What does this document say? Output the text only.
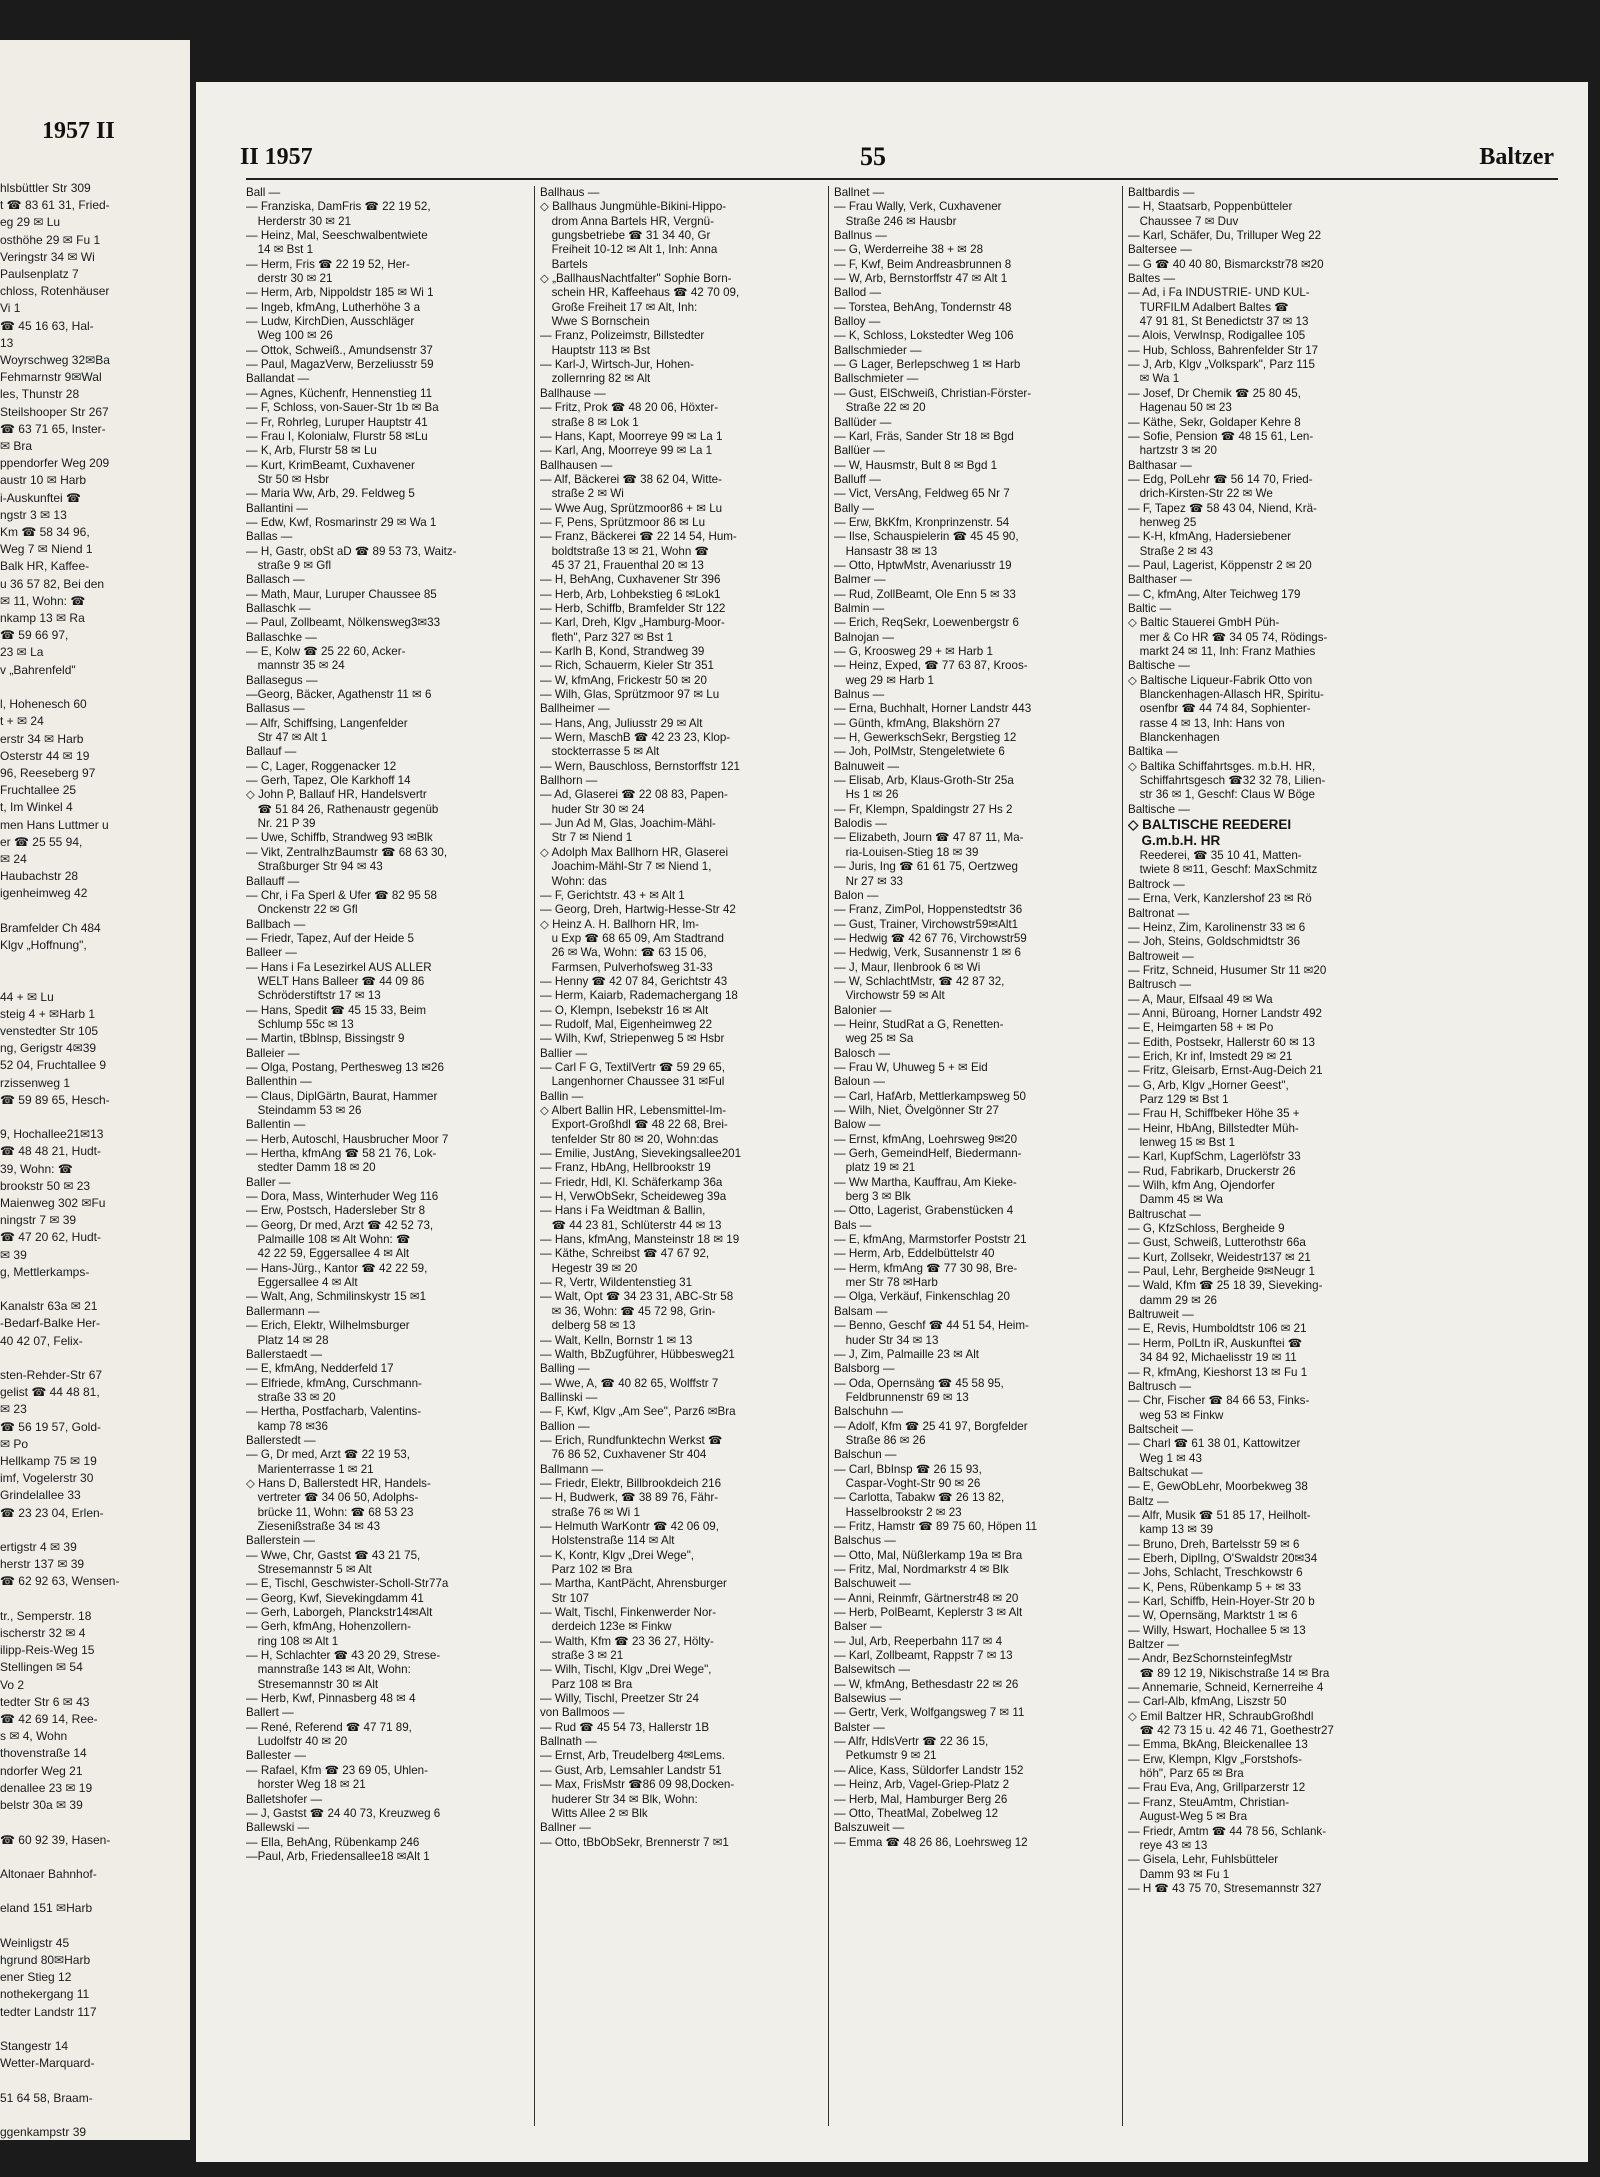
1957 II
hlsbüttler Str 309
t ☎ 83 61 31, Fried-
eg 29 ✉ Lu
osthöhe 29 ✉ Fu 1
Veringstr 34 ✉ Wi
Paulsenplatz 7
chloss, Rotenhäuser
Vi 1
☎ 45 16 63, Hal-
13
Woyrschweg 32✉Ba
Fehmarnstr 9✉Wal
les, Thunstr 28
Steilshooper Str 267
☎ 63 71 65, Inster-
✉ Bra
ppendorfer Weg 209
austr 10 ✉ Harb
i-Auskunftei ☎
ngstr 3 ✉ 13
Km ☎ 58 34 96,
Weg 7 ✉ Niend 1
Balk HR, Kaffee-
u 36 57 82, Bei den
✉ 11, Wohn: ☎
nkamp 13 ✉ Ra
☎ 59 66 97,
23 ✉ La
v „Bahrenfeld"

l, Hohenesch 60
t + ✉ 24
erstr 34 ✉ Harb
Osterstr 44 ✉ 19
96, Reeseberg 97
Fruchtallee 25
t, Im Winkel 4
men Hans Luttmer u
er ☎ 25 55 94,
✉ 24
Haubachstr 28
igenheimweg 42

Bramfelder Ch 484
Klgv „Hoffnung",

44 + ✉ Lu
steig 4 + ✉Harb 1
venstedter Str 105
ng, Gerigstr 4✉39
52 04, Fruchtallee 9
rzissenweg 1
☎ 59 89 65, Hesch-

9, Hochallee21✉13
☎ 48 48 21, Hudt-
39, Wohn: ☎
brookstr 50 ✉ 23
Maienweg 302 ✉Fu
ningstr 7 ✉ 39
☎ 47 20 62, Hudt-
✉ 39
g, Mettlerkamps-

Kanalstr 63a ✉ 21
-Bedarf-Balke Her-
40 42 07, Felix-

sten-Rehder-Str 67
gelist ☎ 44 48 81,
✉ 23
☎ 56 19 57, Gold-
✉ Po
Hellkamp 75 ✉ 19
imf, Vogelerstr 30
Grindelallee 33
☎ 23 23 04, Erlen-

ertigstr 4 ✉ 39
herstr 137 ✉ 39
☎ 62 92 63, Wensen-

tr., Semperstr. 18
ischerstr 32 ✉ 4
ilipp-Reis-Weg 15
Stellingen ✉ 54
Vo 2
tedter Str 6 ✉ 43
☎ 42 69 14, Ree-
s ✉ 4, Wohn
thovenstraße 14
ndorfer Weg 21
denallee 23 ✉ 19
belstr 30a ✉ 39

☎ 60 92 39, Hasen-

Altonaer Bahnhof-

eland 151 ✉Harb

Weinligstr 45
hgrund 80✉Harb
ener Stieg 12
nothekergang 11
tedter Landstr 117

Stangestr 14
Wetter-Marquard-

51 64 58, Braam-

ggenkampstr 39
II 1957	55	Baltzer
Ball —
— Franziska, DamFris ☎ 22 19 52,
  Herderstr 30 ✉ 21
— Heinz, Mal, Seeschwalbentwiete
  14 ✉ Bst 1
— Herm, Fris ☎ 22 19 52, Her-
  derstr 30 ✉ 21
— Herm, Arb, Nippoldstr 185 ✉ Wi 1
— Ingeb, kfmAng, Lutherhöhe 3 a
— Ludw, KirchDien, Ausschläger
  Weg 100 ✉ 26
— Ottok, Schweiß., Amundsenstr 37
— Paul, MagazVerw, Berzeliusstr 59
Ballandat —
— Agnes, Küchenfr, Hennenstieg 11
— F, Schloss, von-Sauer-Str 1b ✉ Ba
— Fr, Rohrleg, Luruper Hauptstr 41
— Frau I, Kolonialw, Flurstr 58 ✉Lu
— K, Arb, Flurstr 58 ✉ Lu
— Kurt, KrimBeamt, Cuxhavener
  Str 50 ✉ Hsbr
— Maria Ww, Arb, 29. Feldweg 5
Ballantini —
— Edw, Kwf, Rosmarinstr 29 ✉ Wa 1
Ballas —
— H, Gastr, obSt aD ☎ 89 53 73, Waitz-
  straße 9 ✉ Gfl
Ballasch —
— Math, Maur, Luruper Chaussee 85
Ballaschk —
— Paul, Zollbeamt, Nölkensweg3✉33
Ballaschke —
— E, Kolw ☎ 25 22 60, Acker-
  mannstr 35 ✉ 24
Ballasegus —
—Georg, Bäcker, Agathenstr 11 ✉ 6
Ballasus —
— Alfr, Schiffsing, Langenfelder
  Str 47 ✉ Alt 1
Ballauf —
— C, Lager, Roggenacker 12
— Gerh, Tapez, Ole Karkhoff 14
◇ John P, Ballauf HR, Handelsvertr
  ☎ 51 84 26, Rathenaustr gegenüb
  Nr. 21 P 39
— Uwe, Schiffb, Strandweg 93 ✉Blk
— Vikt, ZentralhzBaumstr ☎ 68 63 30,
  Straßburger Str 94 ✉ 43
Ballauff —
— Chr, i Fa Sperl & Ufer ☎ 82 95 58
  Onckenstr 22 ✉ Gfl
Ballbach —
— Friedr, Tapez, Auf der Heide 5
Balleer —
— Hans i Fa Lesezirkel AUS ALLER
  WELT Hans Balleer ☎ 44 09 86
  Schröderstiftstr 17 ✉ 13
— Hans, Spedit ☎ 45 15 33, Beim
  Schlump 55c ✉ 13
— Martin, tBblnsp, Bissingstr 9
Balleier —
— Olga, Postang, Perthesweg 13 ✉26
Ballenthin —
— Claus, DiplGärtn, Baurat, Hammer
  Steindamm 53 ✉ 26
Ballentin —
— Herb, Autoschl, Hausbrucher Moor 7
— Hertha, kfmAng ☎ 58 21 76, Lok-
  stedter Damm 18 ✉ 20
Baller —
— Dora, Mass, Winterhuder Weg 116
— Erw, Postsch, Hadersleber Str 8
— Georg, Dr med, Arzt ☎ 42 52 73,
  Palmaille 108 ✉ Alt Wohn: ☎
  42 22 59, Eggersallee 4 ✉ Alt
— Hans-Jürg., Kantor ☎ 42 22 59,
  Eggersallee 4 ✉ Alt
— Walt, Ang, Schmilinskystr 15 ✉1
Ballermann —
— Erich, Elektr, Wilhelmsburger
  Platz 14 ✉ 28
Ballerstaedt —
— E, kfmAng, Nedderfeld 17
— Elfriede, kfmAng, Curschmann-
  straße 33 ✉ 20
— Hertha, Postfacharb, Valentins-
  kamp 78 ✉36
Ballerstedt —
— G, Dr med, Arzt ☎ 22 19 53,
  Marienterrasse 1 ✉ 21
◇ Hans D, Ballerstedt HR, Handels-
  vertreter ☎ 34 06 50, Adolphs-
  brücke 11, Wohn: ☎ 68 53 23
  Ziesenißstraße 34 ✉ 43
Ballerstein —
— Wwe, Chr, Gastst ☎ 43 21 75,
  Stresemannstr 5 ✉ Alt
— E, Tischl, Geschwister-Scholl-Str77a
— Georg, Kwf, Sievekingdamm 41
— Gerh, Laborgeh, Planckstr14✉Alt
— Gerh, kfmAng, Hohenzollern-
  ring 108 ✉ Alt 1
— H, Schlachter ☎ 43 20 29, Strese-
  mannstraße 143 ✉ Alt, Wohn:
  Stresemannstr 30 ✉ Alt
— Herb, Kwf, Pinnasberg 48 ✉ 4
Ballert —
— René, Referend ☎ 47 71 89,
  Ludolfstr 40 ✉ 20
Ballester —
— Rafael, Kfm ☎ 23 69 05, Uhlen-
  horster Weg 18 ✉ 21
Balletshofer —
— J, Gastst ☎ 24 40 73, Kreuzweg 6
Ballewski —
— Ella, BehAng, Rübenkamp 246
—Paul, Arb, Friedensallee18 ✉Alt 1
Ballhaus —
◇ Ballhaus Jungmühle-Bikini-Hippo-
  drom Anna Bartels HR, Vergnü-
  gungsbetriebe ☎ 31 34 40, Gr
  Freiheit 10-12 ✉ Alt 1, Inh: Anna
  Bartels
◇ „BallhausNachtfalter" Sophie Born-
  schein HR, Kaffeehaus ☎ 42 70 09,
  Große Freiheit 17 ✉ Alt, Inh:
  Wwe S Bornschein
— Franz, Polizeimstr, Billstedter
  Hauptstr 113 ✉ Bst
— Karl-J, Wirtsch-Jur, Hohen-
  zollernring 82 ✉ Alt
Ballhause —
— Fritz, Prok ☎ 48 20 06, Höxter-
  straße 8 ✉ Lok 1
— Hans, Kapt, Moorreye 99 ✉ La 1
— Karl, Ang, Moorreye 99 ✉ La 1
Ballhausen —
— Alf, Bäckerei ☎ 38 62 04, Witte-
  straße 2 ✉ Wi
— Wwe Aug, Sprützmoor86 + ✉ Lu
— F, Pens, Sprützmoor 86 ✉ Lu
— Franz, Bäckerei ☎ 22 14 54, Hum-
  boldtstraße 13 ✉ 21, Wohn ☎
  45 37 21, Frauenthal 20 ✉ 13
— H, BehAng, Cuxhavener Str 396
— Herb, Arb, Lohbekstieg 6 ✉Lok1
— Herb, Schiffb, Bramfelder Str 122
— Karl, Dreh, Klgv „Hamburg-Moor-
  fleth", Parz 327 ✉ Bst 1
— Karlh B, Kond, Strandweg 39
— Rich, Schauerm, Kieler Str 351
— W, kfmAng, Frickestr 50 ✉ 20
— Wilh, Glas, Sprützmoor 97 ✉ Lu
Ballheimer —
— Hans, Ang, Juliusstr 29 ✉ Alt
— Wern, MaschB ☎ 42 23 23, Klop-
  stockterrasse 5 ✉ Alt
— Wern, Bauschloss, Bernstorffstr 121
Ballhorn —
— Ad, Glaserei ☎ 22 08 83, Papen-
  huder Str 30 ✉ 24
— Jun Ad M, Glas, Joachim-Mähl-
  Str 7 ✉ Niend 1
◇ Adolph Max Ballhorn HR, Glaserei
  Joachim-Mähl-Str 7 ✉ Niend 1,
  Wohn: das
— F, Gerichtstr. 43 + ✉ Alt 1
— Georg, Dreh, Hartwig-Hesse-Str 42
◇ Heinz A. H. Ballhorn HR, Im-
  u Exp ☎ 68 65 09, Am Stadtrand
  26 ✉ Wa, Wohn: ☎ 63 15 06,
  Farmsen, Pulverhofsweg 31-33
— Henny ☎ 42 07 84, Gerichtstr 43
— Herm, Kaiarb, Rademachergang 18
— O, Klempn, Isebekstr 16 ✉ Alt
— Rudolf, Mal, Eigenheimweg 22
— Wilh, Kwf, Striepenweg 5 ✉ Hsbr
Ballier —
— Carl F G, TextilVertr ☎ 59 29 65,
  Langenhorner Chaussee 31 ✉Ful
Ballin —
◇ Albert Ballin HR, Lebensmittel-Im-
  Export-Großhdl ☎ 48 22 68, Brei-
  tenfelder Str 80 ✉ 20, Wohn:das
— Emilie, JustAng, Sievekingsallee201
— Franz, HbAng, Hellbrookstr 19
— Friedr, Hdl, Kl. Schäferkamp 36a
— H, VerwObSekr, Scheideweg 39a
— Hans i Fa Weidtman & Ballin,
  ☎ 44 23 81, Schlüterstr 44 ✉ 13
— Hans, kfmAng, Mansteinstr 18 ✉ 19
— Käthe, Schreibst ☎ 47 67 92,
  Hegestr 39 ✉ 20
— R, Vertr, Wildentenstieg 31
— Walt, Opt ☎ 34 23 31, ABC-Str 58
  ✉ 36, Wohn: ☎ 45 72 98, Grin-
  delberg 58 ✉ 13
— Walt, Kelln, Bornstr 1 ✉ 13
— Walth, BbZugführer, Hübbesweg21
Balling —
— Wwe, A, ☎ 40 82 65, Wolffstr 7
Ballinski —
— F, Kwf, Klgv „Am See", Parz6 ✉Bra
Ballion —
— Erich, Rundfunktechn Werkst ☎
  76 86 52, Cuxhavener Str 404
Ballmann —
— Friedr, Elektr, Billbrookdeich 216
— H, Budwerk, ☎ 38 89 76, Fähr-
  straße 76 ✉ Wi 1
— Helmuth WarKontr ☎ 42 06 09,
  Holstenstraße 114 ✉ Alt
— K, Kontr, Klgv „Drei Wege",
  Parz 102 ✉ Bra
— Martha, KantPächt, Ahrensburger
  Str 107
— Walt, Tischl, Finkenwerder Nor-
  derdeich 123e ✉ Finkw
— Walth, Kfm ☎ 23 36 27, Hölty-
  straße 3 ✉ 21
— Wilh, Tischl, Klgv „Drei Wege",
  Parz 108 ✉ Bra
— Willy, Tischl, Preetzer Str 24
von Ballmoos —
— Rud ☎ 45 54 73, Hallerstr 1B
Ballnath —
— Ernst, Arb, Treudelberg 4✉Lems.
— Gust, Arb, Lemsahler Landstr 51
— Max, FrisMstr ☎86 09 98,Docken-
  huderer Str 34 ✉ Blk, Wohn:
  Witts Allee 2 ✉ Blk
Ballner —
— Otto, tBbObSekr, Brennerstr 7 ✉1
Ballnet —
— Frau Wally, Verk, Cuxhavener
  Straße 246 ✉ Hausbr
Ballnus —
— G, Werderreihe 38 + ✉ 28
— F, Kwf, Beim Andreasbrunnen 8
— W, Arb, Bernstorffstr 47 ✉ Alt 1
Ballod —
— Torstea, BehAng, Tondernstr 48
Balloy —
— K, Schloss, Lokstedter Weg 106
Ballschmieder —
— G Lager, Berlepschweg 1 ✉ Harb
Ballschmieter —
— Gust, ElSchweiß, Christian-Förster-
  Straße 22 ✉ 20
Ballüder —
— Karl, Fräs, Sander Str 18 ✉ Bgd
Ballüer —
— W, Hausmstr, Bult 8 ✉ Bgd 1
Balluff —
— Vict, VersAng, Feldweg 65 Nr 7
Bally —
— Erw, BkKfm, Kronprinzenstr. 54
— Ilse, Schauspielerin ☎ 45 45 90,
  Hansastr 38 ✉ 13
— Otto, HptwMstr, Avenariusstr 19
Balmer —
— Rud, ZollBeamt, Ole Enn 5 ✉ 33
Balmin —
— Erich, ReqSekr, Loewenbergstr 6
Balnojan —
— G, Kroosweg 29 + ✉ Harb 1
— Heinz, Exped, ☎ 77 63 87, Kroos-
  weg 29 ✉ Harb 1
Balnus —
— Erna, Buchhalt, Horner Landstr 443
— Günth, kfmAng, Blakshörn 27
— H, GewerkschSekr, Bergstieg 12
— Joh, PolMstr, Stengeletwiete 6
Balnuweit —
— Elisab, Arb, Klaus-Groth-Str 25a
  Hs 1 ✉ 26
— Fr, Klempn, Spaldingstr 27 Hs 2
Balodis —
— Elizabeth, Journ ☎ 47 87 11, Ma-
  ria-Louisen-Stieg 18 ✉ 39
— Juris, Ing ☎ 61 61 75, Oertzweg
  Nr 27 ✉ 33
Balon —
— Franz, ZimPol, Hoppenstedtstr 36
— Gust, Trainer, Virchowstr59✉Alt1
— Hedwig ☎ 42 67 76, Virchowstr59
— Hedwig, Verk, Susannenstr 1 ✉ 6
— J, Maur, Ilenbrook 6 ✉ Wi
— W, SchlachtMstr, ☎ 42 87 32,
  Virchowstr 59 ✉ Alt
Balonier —
— Heinr, StudRat a G, Renetten-
  weg 25 ✉ Sa
Balosch —
— Frau W, Uhuweg 5 + ✉ Eid
Baloun —
— Carl, HafArb, Mettlerkampsweg 50
— Wilh, Niet, Övelgönner Str 27
Balow —
— Ernst, kfmAng, Loehrsweg 9✉20
— Gerh, GemeindHelf, Biedermann-
  platz 19 ✉ 21
— Ww Martha, Kauffrau, Am Kieke-
  berg 3 ✉ Blk
— Otto, Lagerist, Grabenstücken 4
Bals —
— E, kfmAng, Marmstorfer Poststr 21
— Herm, Arb, Eddelbüttelstr 40
— Herm, kfmAng ☎ 77 30 98, Bre-
  mer Str 78 ✉Harb
— Olga, Verkäuf, Finkenschlag 20
Balsam —
— Benno, Geschf ☎ 44 51 54, Heim-
  huder Str 34 ✉ 13
— J, Zim, Palmaille 23 ✉ Alt
Balsborg —
— Oda, Opernsäng ☎ 45 58 95,
  Feldbrunnenstr 69 ✉ 13
Balschuhn —
— Adolf, Kfm ☎ 25 41 97, Borgfelder
  Straße 86 ✉ 26
Balschun —
— Carl, BbInsp ☎ 26 15 93,
  Caspar-Voght-Str 90 ✉ 26
— Carlotta, Tabakw ☎ 26 13 82,
  Hasselbrookstr 2 ✉ 23
— Fritz, Hamstr ☎ 89 75 60, Höpen 11
Balschus —
— Otto, Mal, Nüßlerkamp 19a ✉ Bra
— Fritz, Mal, Nordmarkstr 4 ✉ Blk
Balschuweit —
— Anni, Reinmfr, Gärtnerstr48 ✉ 20
— Herb, PolBeamt, Keplerstr 3 ✉ Alt
Balser —
— Jul, Arb, Reeperbahn 117 ✉ 4
— Karl, Zollbeamt, Rappstr 7 ✉ 13
Balsewitsch —
— W, kfmAng, Bethesdastr 22 ✉ 26
Balsewius —
— Gertr, Verk, Wolfgangsweg 7 ✉ 11
Balster —
— Alfr, HdlsVertr ☎ 22 36 15,
  Petkumstr 9 ✉ 21
— Alice, Kass, Süldorfer Landstr 152
— Heinz, Arb, Vagel-Griep-Platz 2
— Herb, Mal, Hamburger Berg 26
— Otto, TheatMal, Zobelweg 12
Balszuweit —
— Emma ☎ 48 26 86, Loehrsweg 12
Baltbardis —
— H, Staatsarb, Poppenbütteler
  Chaussee 7 ✉ Duv
— Karl, Schäfer, Du, Trilluper Weg 22
Baltersee —
— G ☎ 40 40 80, Bismarckstr78 ✉20
Baltes —
— Ad, i Fa INDUSTRIE- UND KUL-
  TURFILM Adalbert Baltes ☎
  47 91 81, St Benedictstr 37 ✉ 13
— Alois, VerwInsp, Rodigallee 105
— Hub, Schloss, Bahrenfelder Str 17
— J, Arb, Klgv „Volkspark", Parz 115
  ✉ Wa 1
— Josef, Dr Chemik ☎ 25 80 45,
  Hagenau 50 ✉ 23
— Käthe, Sekr, Goldaper Kehre 8
— Sofie, Pension ☎ 48 15 61, Len-
  hartzstr 3 ✉ 20
Balthasar —
— Edg, PolLehr ☎ 56 14 70, Fried-
  drich-Kirsten-Str 22 ✉ We
— F, Tapez ☎ 58 43 04, Niend, Krä-
  henweg 25
— K-H, kfmAng, Hadersiebener
  Straße 2 ✉ 43
— Paul, Lagerist, Köppenstr 2 ✉ 20
Balthaser —
— C, kfmAng, Alter Teichweg 179
Baltic —
◇ Baltic Stauerei GmbH Püh-
  mer & Co HR ☎ 34 05 74, Rödings-
  markt 24 ✉ 11, Inh: Franz Mathies
Baltische —
◇ Baltische Liqueur-Fabrik Otto von
  Blanckenhagen-Allasch HR, Spiritu-
  osenfbr ☎ 44 74 84, Sophienter-
  rasse 4 ✉ 13, Inh: Hans von
  Blanckenhagen
Baltika —
◇ Baltika Schiffahrtsges. m.b.H. HR,
  Schiffahrtsgesch ☎32 32 78, Lilien-
  str 36 ✉ 1, Geschf: Claus W Böge
Baltische —
◇ BALTISCHE REEDEREI
  G.m.b.H. HR
  Reederei, ☎ 35 10 41, Matten-
  twiete 8 ✉11, Geschf: MaxSchmitz
Baltrock —
— Erna, Verk, Kanzlershof 23 ✉ Rö
Baltronat —
— Heinz, Zim, Karolinenstr 33 ✉ 6
— Joh, Steins, Goldschmidtstr 36
Baltroweit —
— Fritz, Schneid, Husumer Str 11 ✉20
Baltrusch —
— A, Maur, Elfsaal 49 ✉ Wa
— Anni, Büroang, Horner Landstr 492
— E, Heimgarten 58 + ✉ Po
— Edith, Postsekr, Hallerstr 60 ✉ 13
— Erich, Kr inf, Imstedt 29 ✉ 21
— Fritz, Gleisarb, Ernst-Aug-Deich 21
— G, Arb, Klgv „Horner Geest",
  Parz 129 ✉ Bst 1
— Frau H, Schiffbeker Höhe 35 +
— Heinr, HbAng, Billstedter Müh-
  lenweg 15 ✉ Bst 1
— Karl, KupfSchm, Lagerlöfstr 33
— Rud, Fabrikarb, Druckerstr 26
— Wilh, kfm Ang, Ojendorfer
  Damm 45 ✉ Wa
Baltruschat —
— G, KfzSchloss, Bergheide 9
— Gust, Schweiß, Lutterothstr 66a
— Kurt, Zollsekr, Weidestr137 ✉ 21
— Paul, Lehr, Bergheide 9✉Neugr 1
— Wald, Kfm ☎ 25 18 39, Sieveking-
  damm 29 ✉ 26
Baltruweit —
— E, Revis, Humboldtstr 106 ✉ 21
— Herm, PolLtn iR, Auskunftei ☎
  34 84 92, Michaelisstr 19 ✉ 11
— R, kfmAng, Kieshorst 13 ✉ Fu 1
Baltrusch —
— Chr, Fischer ☎ 84 66 53, Finks-
  weg 53 ✉ Finkw
Baltscheit —
— Charl ☎ 61 38 01, Kattowitzer
  Weg 1 ✉ 43
Baltschukat —
— E, GewObLehr, Moorbekweg 38
Baltz —
— Alfr, Musik ☎ 51 85 17, Heilholt-
  kamp 13 ✉ 39
— Bruno, Dreh, Bartelsstr 59 ✉ 6
— Eberh, DiplIng, O'Swaldstr 20✉34
— Johs, Schlacht, Treschkowstr 6
— K, Pens, Rübenkamp 5 + ✉ 33
— Karl, Schiffb, Hein-Hoyer-Str 20 b
— W, Opernsäng, Marktstr 1 ✉ 6
— Willy, Hswart, Hochallee 5 ✉ 13
Baltzer —
— Andr, BezSchornsteinfegMstr
  ☎ 89 12 19, Nikischstraße 14 ✉ Bra
— Annemarie, Schneid, Kernerreihe 4
— Carl-Alb, kfmAng, Liszstr 50
◇ Emil Baltzer HR, SchraubGroßhdl
  ☎ 42 73 15 u. 42 46 71, Goethestr27
— Emma, BkAng, Bleickenallee 13
— Erw, Klempn, Klgv „Forstshofs-
  höh", Parz 65 ✉ Bra
— Frau Eva, Ang, Grillparzerstr 12
— Franz, SteuAmtm, Christian-
  August-Weg 5 ✉ Bra
— Friedr, Amtm ☎ 44 78 56, Schlank-
  reye 43 ✉ 13
— Gisela, Lehr, Fuhlsbütteler
  Damm 93 ✉ Fu 1
— H ☎ 43 75 70, Stresemannstr 327
